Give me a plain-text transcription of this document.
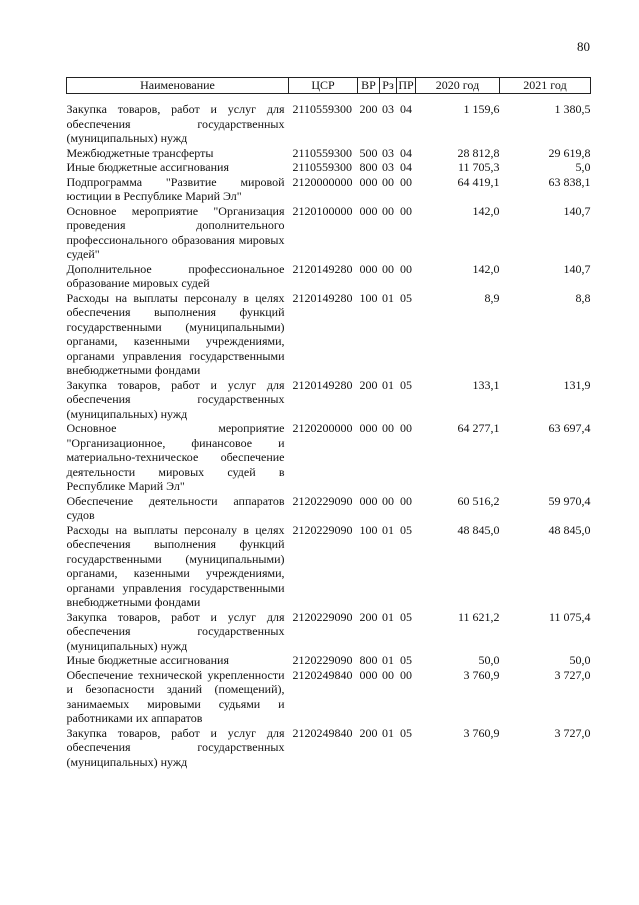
80
Наименование	ЦСР	ВР	Рз	ПР	2020 год	2021 год

Закупка товаров, работ и услуг для обеспечения государственных (муниципальных) нужд	2110559300	200	03	04	1 159,6	1 380,5
Межбюджетные трансферты	2110559300	500	03	04	28 812,8	29 619,8
Иные бюджетные ассигнования	2110559300	800	03	04	11 705,3	5,0
Подпрограмма "Развитие мировой юстиции в Республике Марий Эл"	2120000000	000	00	00	64 419,1	63 838,1
Основное мероприятие "Организация проведения дополнительного профессионального образования мировых судей"	2120100000	000	00	00	142,0	140,7
Дополнительное профессиональное образование мировых судей	2120149280	000	00	00	142,0	140,7
Расходы на выплаты персоналу в целях обеспечения выполнения функций государственными (муниципальными) органами, казенными учреждениями, органами управления государственными внебюджетными фондами	2120149280	100	01	05	8,9	8,8
Закупка товаров, работ и услуг для обеспечения государственных (муниципальных) нужд	2120149280	200	01	05	133,1	131,9
Основное мероприятие "Организационное, финансовое и материально-техническое обеспечение деятельности мировых судей в Республике Марий Эл"	2120200000	000	00	00	64 277,1	63 697,4
Обеспечение деятельности аппаратов судов	2120229090	000	00	00	60 516,2	59 970,4
Расходы на выплаты персоналу в целях обеспечения выполнения функций государственными (муниципальными) органами, казенными учреждениями, органами управления государственными внебюджетными фондами	2120229090	100	01	05	48 845,0	48 845,0
Закупка товаров, работ и услуг для обеспечения государственных (муниципальных) нужд	2120229090	200	01	05	11 621,2	11 075,4
Иные бюджетные ассигнования	2120229090	800	01	05	50,0	50,0
Обеспечение технической укрепленности и безопасности зданий (помещений), занимаемых мировыми судьями и работниками их аппаратов	2120249840	000	00	00	3 760,9	3 727,0
Закупка товаров, работ и услуг для обеспечения государственных (муниципальных) нужд	2120249840	200	01	05	3 760,9	3 727,0
